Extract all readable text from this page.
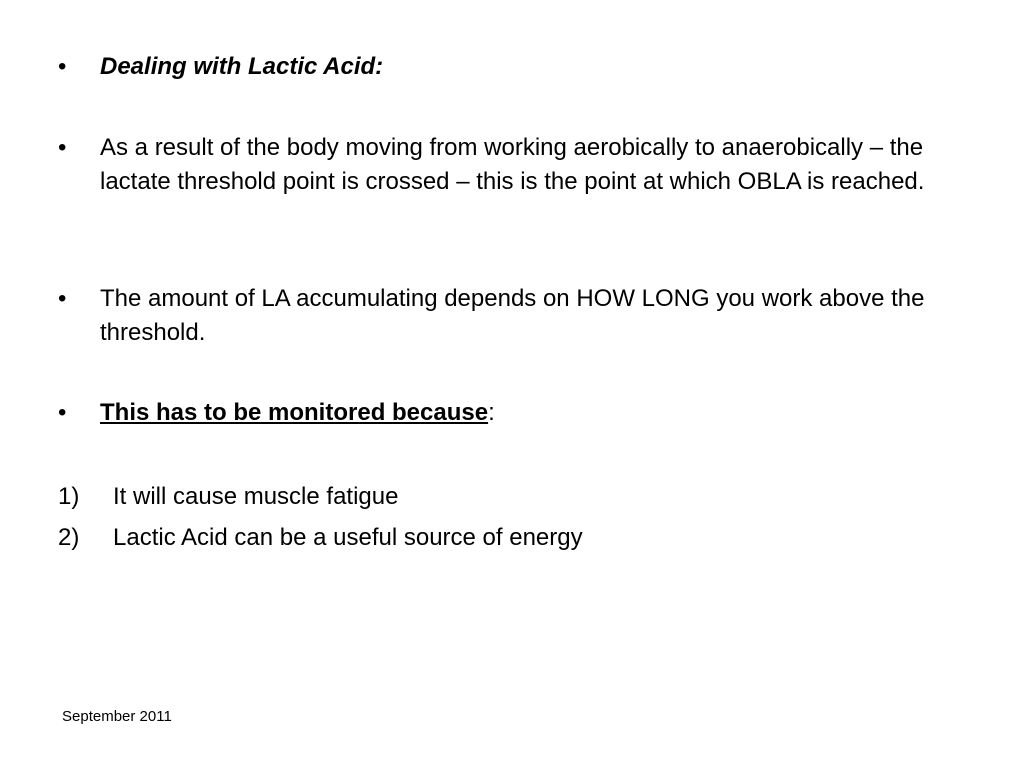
•	Dealing with Lactic Acid:
•	As a result of the body moving from working aerobically to anaerobically – the lactate threshold point is crossed – this is the point at which OBLA is reached.
•	The amount of LA accumulating depends on HOW LONG you work above the threshold.
•	This has to be monitored because:
1) It will cause muscle fatigue
2) Lactic Acid can be a useful source of energy
September 2011
